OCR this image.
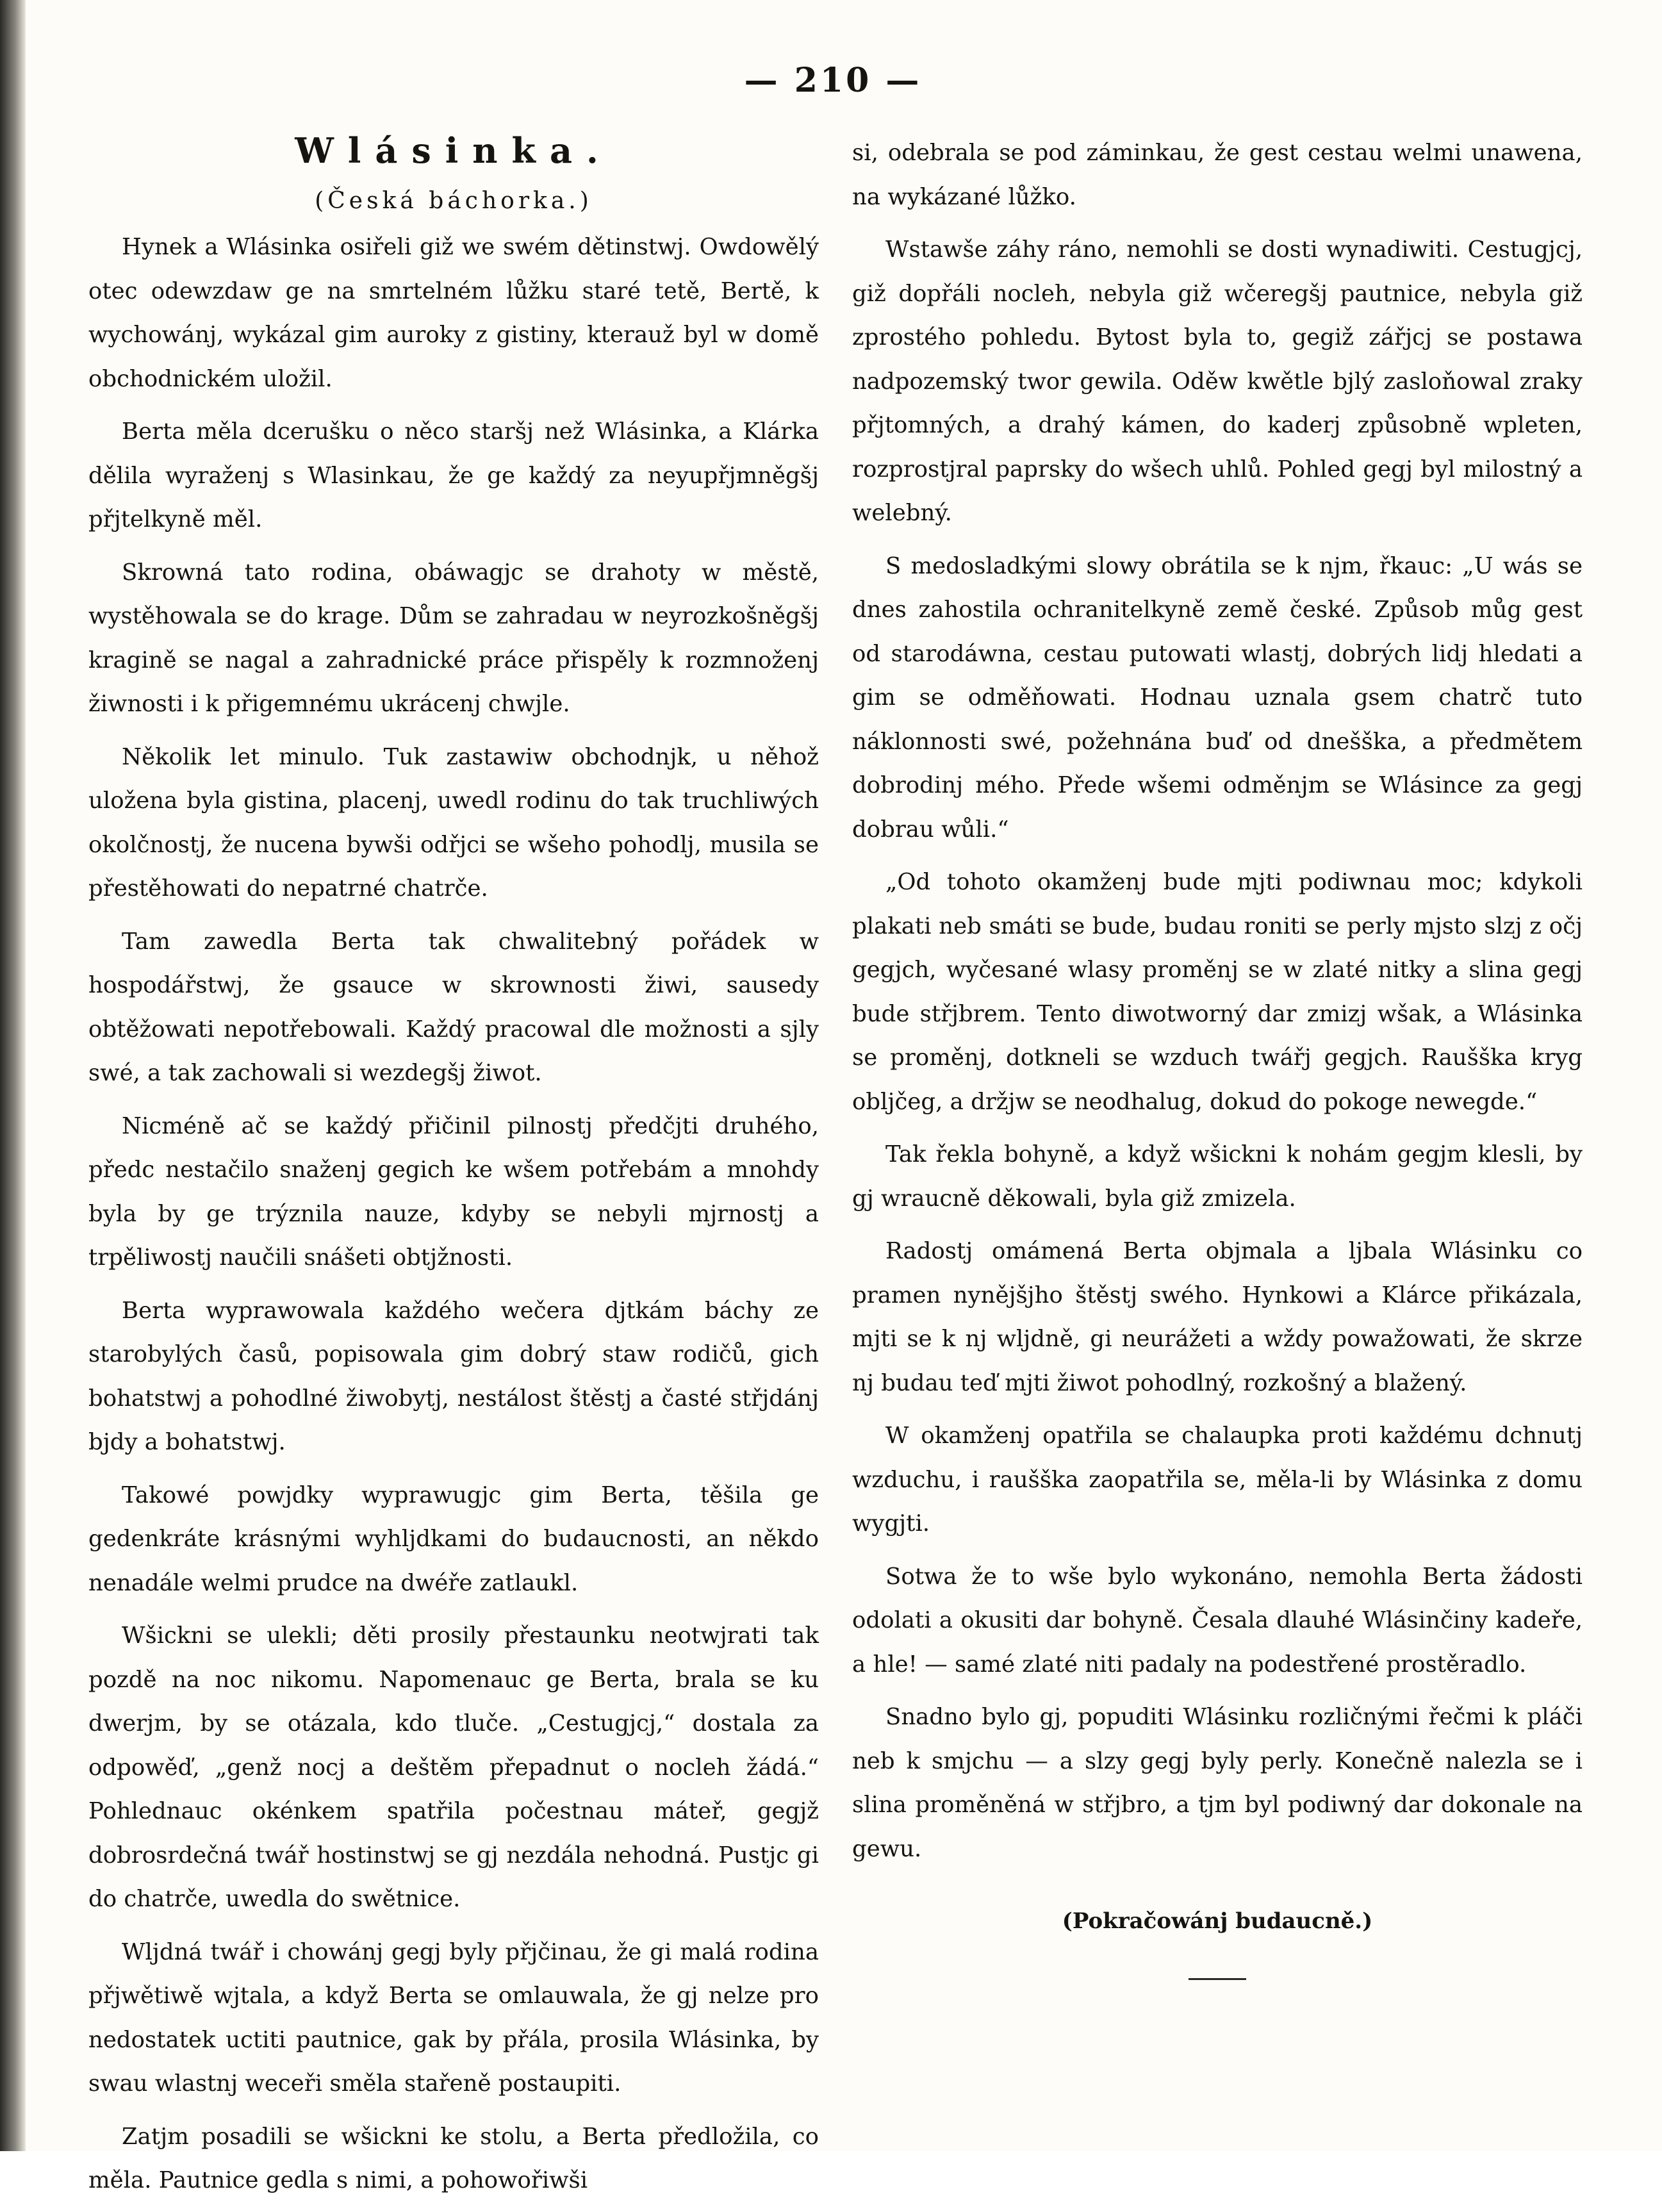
— 210 —
Wlásinka.
(Česká báchorka.)

Hynek a Wlásinka osiřeli giž we swém dětinstwj. Owdowělý otec odewzdaw ge na smrtelném lůžku staré tetě, Bertě, k wychowánj, wykázal gim aurokу z gistiny, kterauž byl w domě obchodnickém uložil.

Berta měla dcerušku o něco staršj než Wlásinka, a Klárka dělila wyraženj s Wlasinkau, že ge každý za neyupřjmněgšj přjtelkyně měl.

Skrowná tato rodina, obáwagjc se drahoty w městě, wystěhowala se do krage. Dům se zahradau w neyrozkošněgšj kragině se nagal a zahradnické práce přispěly k rozmnoženj žiwnosti i k přigemnému ukrácenj chwjle.

Několik let minulo. Tuk zastawiw obchodnjk, u něhož uložena byla gistina, placenj, uwedl rodinu do tak truchliwých okolčnostj, že nucena bywši odřjci se wšeho pohodlj, musila se přestěhowati do nepatrné chatrče.

Tam zawedla Berta tak chwalitebný pořádek w hospodářstwj, že gsauce w skrownosti žiwi, sausedy obtěžowati nepotřebowali. Každý pracowal dle možnosti a sjly swé, a tak zachowali si wezdegšj žiwot.

Nicméně ač se každý přičinil pilnostj předčjti druhého, předc nestačilo snaženj gegich ke wšem potřebám a mnohdy byla by ge trýznila nauze, kdyby se nebyli mjrnostj a trpělіwostj naučili snášeti obtjžnosti.

Berta wyprawowala každého wečera djtkám báchy ze starobylých časů, popisowala gim dobrý staw rodičů, gich bohatstwj a pohodlné žiwobytj, nestálost štěstj a časté střjdánj bjdy a bohatstwj.

Takowé powjdky wyprawugjc gim Berta, těšila ge gedenkráte krásnými wyhljdkami do budaucnosti, an někdo nenadále welmi prudce na dwéře zatlaukl.

Wšickni se ulekli; děti prosily přestaunku neotwjrati tak pozdě na noc nikomu. Napomenauc ge Berta, brala se ku dwerjm, by se otázala, kdo tluče. „Cestugjcj,“ dostala za odpowěď, „genž nocj a deštěm přepadnut o nocleh žádá.“ Pohlednauc okénkem spatřila počestnau máteř, gegjž dobrosrdečná twář hostinstwj se gj nezdála nehodná. Pustjc gi do chatrče, uwedla do swětnice.

Wljdná twář i chowánj gegj byly přjčinau, že gi malá rodina přjwětiwě wjtala, a když Berta se omlauwala, že gj nelze pro nedostatek uctiti pautnice, gak by přála, prosila Wlásinka, by swau wlastnj weceři směla stařeně postaupiti.

Zatjm posadili se wšickni ke stolu, a Berta předložila, co měla. Pautnice gedla s nimi, a pohowořiwši

si, odebrala se pod záminkau, že gest cestau welmi unawena, na wykázané lůžko.

Wstawše záhy ráno, nemohli se dosti wynadiwiti. Cestugjcj, giž dopřáli nocleh, nebyla giž wčeregšj pautnice, nebyla giž zprostého pohledu. Bytost byla to, gegiž zářjcj se postawa nadpozemský twor gewila. Oděw kwětle bjlý zaslоňowal zraky přjtomných, a drahý kámen, do kaderj způsobně wpleten, rozprostjral paprsky do wšech uhlů. Pohled gegj byl milostný a welebný.

S medosladkými slowy obrátila se k njm, řkauc: „U wás se dnes zahostila ochranitelkyně země české. Způsob můg gest od starodáwna, cestau putowati wlastj, dobrých lidj hledati a gim se odměňowati. Hodnau uznala gsem chatrč tuto náklonnosti swé, požehnána buď od dnešška, a předmětem dobrodinj mého. Přede wšemi odměnjm se Wlásince za gegj dobrau wůli.“

„Od tohoto okamženj bude mjti podiwnau moc; kdykoli plakati neb smáti se bude, budau roniti se perly mjsto slzj z očj gegjch, wyčesané wlasy proměnj se w zlaté nitky a slina gegj bude střjbrem. Tento diwotworný dar zmizj wšak, a Wlásinka se proměnj, dotknelі se wzduch twářj gegjch. Raušška kryg oblјčeg, a držjw se neodhalug, dokud do pokoge newegde.“

Tak řekla bohyně, a když wšickni k nohám gegjm klesli, by gj wraucně děkowali, byla giž zmizela.

Radostj omámená Berta objmala a ljbala Wlásinku co pramen nynějšjho štěstj swého. Hynkowi a Klárce přikázala, mjti se k nj wljdně, gi neurážeti a wždy powažowati, že skrze nj budau teď mjti žiwot pohodlný, rozkošný a blažený.

W okamženj opatřila se chalaupka proti každému dchnutj wzduchu, i raušška zaopatřila se, měla-li by Wlásinka z domu wygjti.

Sotwa že to wše bylo wykonáno, nemohla Berta žádosti odolati a okusiti dar bohyně. Česala dlauhé Wlásinčiny kadeře, a hle! — samé zlaté niti padaly na podestřené prostěradlo.

Snadno bylo gj, popuditi Wlásinku rozličnými řečmi k pláči neb k smjchu — a slzy gegj byly perly. Konečně nalezla se i slina proměněná w střjbro, a tjm byl podiwný dar dokonale na gewu.

(Pokračowánj budaucně.)
